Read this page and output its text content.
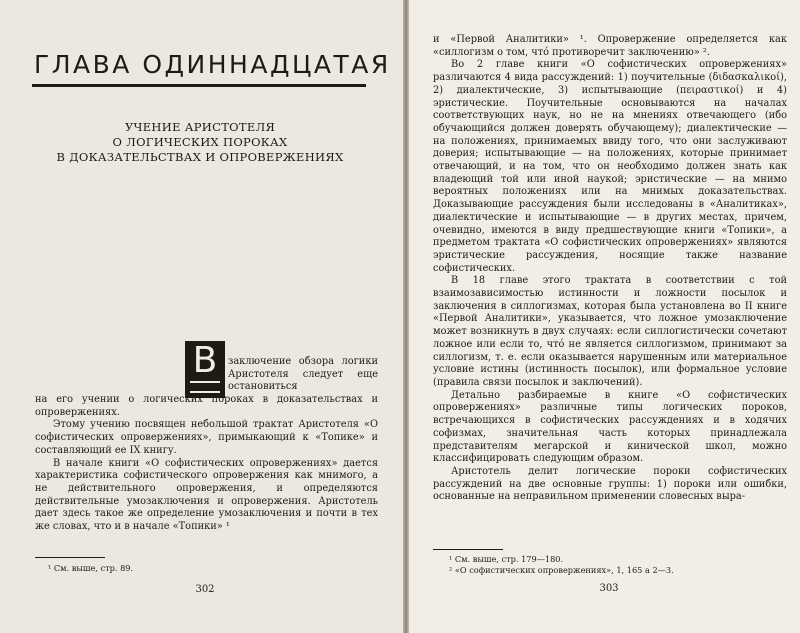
ГЛАВА ОДИННАДЦАТАЯ
УЧЕНИЕ АРИСТОТЕЛЯ
О ЛОГИЧЕСКИХ ПОРОКАХ
В ДОКАЗАТЕЛЬСТВАХ И ОПРОВЕРЖЕНИЯХ
В	заключение обзора логики Аристотеля следует еще остановиться

на его учении о логических пороках в доказательствах и опровержениях.

Этому учению посвящен небольшой трактат Аристотеля «О софистических опровержениях», примыкающий к «Топике» и составляющий ее IX книгу.

В начале книги «О софистических опровержениях» дается характеристика софистического опровержения как мнимого, а не действительного опровержения, и определяются действительные умозаключения и опровержения. Аристотель дает здесь такое же определение умозаключения и почти в тех же словах, что и в начале «Топики» ¹

¹ См. выше, стр. 89.
302

и «Первой Аналитики» ¹. Опровержение определяется как «силлогизм о том, что́ противоречит заключению» ².

Во 2 главе книги «О софистических опровержениях» различаются 4 вида рассуждений: 1) поучительные (διδασκαλικοί), 2) диалектические, 3) испытывающие (πειραστικοί) и 4) эристические. Поучительные основываются на началах соответствующих наук, но не на мнениях отвечающего (ибо обучающийся должен доверять обучающему); диалектические — на положениях, принимаемых ввиду того, что они заслуживают доверия; испытывающие — на положениях, которые принимает отвечающий, и на том, что он необходимо должен знать как владеющий той или иной наукой; эристические — на мнимо вероятных положениях или на мнимых доказательствах. Доказывающие рассуждения были исследованы в «Аналитиках», диалектические и испытывающие — в других местах, причем, очевидно, имеются в виду предшествующие книги «Топики», а предметом трактата «О софистических опровержениях» являются эристические рассуждения, носящие также название софистических.

В 18 главе этого трактата в соответствии с той взаимозависимостью истинности и ложности посылок и заключения в силлогизмах, которая была установлена во II книге «Первой Аналитики», указывается, что ложное умозаключение может возникнуть в двух случаях: если силлогистически сочетают ложное или если то, что́ не является силлогизмом, принимают за силлогизм, т. е. если оказывается нарушенным или материальное условие истины (истинность посылок), или формальное условие (правила связи посылок и заключений).

Детально разбираемые в книге «О софистических опровержениях» различные типы логических пороков, встречающихся в софистических рассуждениях и в ходячих софизмах, значительная часть которых принадлежала представителям мегарской и кинической школ, можно классифицировать следующим образом.

Аристотель делит логические пороки софистических рассуждений на две основные группы: 1) пороки или ошибки, основанные на неправильном применении словесных выра-

¹ См. выше, стр. 179—180.
² «О софистических опровержениях», 1, 165 а 2—3.
303
